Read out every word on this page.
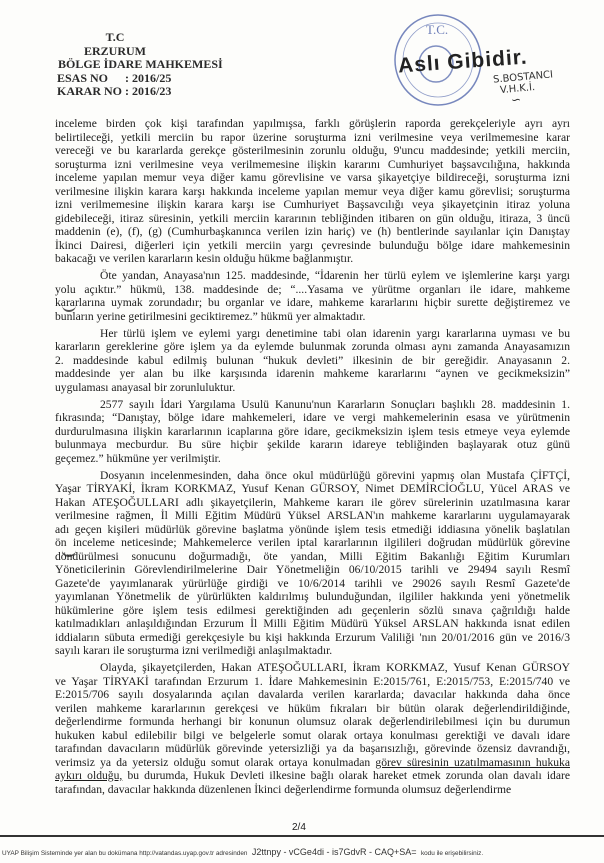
T.C
ERZURUM
BÖLGE İDARE MAHKEMESİ
ESAS NO : 2016/25
KARAR NO : 2016/23
T.C.
Aslı Gibidir.
S.BOSTANCI
V.H.K.İ.
∽
inceleme birden çok kişi tarafından yapılmışsa, farklı görüşlerin raporda gerekçeleriyle ayrı ayrı
belirtileceği, yetkili merciin bu rapor üzerine soruşturma izni verilmesine veya verilmemesine karar
vereceği ve bu kararlarda gerekçe gösterilmesinin zorunlu olduğu, 9'uncu maddesinde; yetkili merciin,
soruşturma izni verilmesine veya verilmemesine ilişkin kararını Cumhuriyet başsavcılığına, hakkında
inceleme yapılan memur veya diğer kamu görevlisine ve varsa şikayetçiye bildireceği, soruşturma izni
verilmesine ilişkin karara karşı hakkında inceleme yapılan memur veya diğer kamu görevlisi; soruşturma
izni verilmemesine ilişkin karara karşı ise Cumhuriyet Başsavcılığı veya şikayetçinin itiraz yoluna
gidebileceği, itiraz süresinin, yetkili merciin kararının tebliğinden itibaren on gün olduğu, itiraza, 3 üncü
maddenin (e), (f), (g) (Cumhurbaşkanınca verilen izin hariç) ve (h) bentlerinde sayılanlar için Danıştay
İkinci Dairesi, diğerleri için yetkili merciin yargı çevresinde bulunduğu bölge idare mahkemesinin
bakacağı ve verilen kararların kesin olduğu hükme bağlanmıştır.
Öte yandan, Anayasa'nın 125. maddesinde, “İdarenin her türlü eylem ve işlemlerine karşı yargı
yolu açıktır.” hükmü, 138. maddesinde de; “....Yasama ve yürütme organları ile idare, mahkeme
kararlarına uymak zorundadır; bu organlar ve idare, mahkeme kararlarını hiçbir surette değiştiremez ve
bunların yerine getirilmesini geciktiremez.” hükmü yer almaktadır.
Her türlü işlem ve eylemi yargı denetimine tabi olan idarenin yargı kararlarına uyması ve bu
kararların gereklerine göre işlem ya da eylemde bulunmak zorunda olması aynı zamanda Anayasamızın
2. maddesinde kabul edilmiş bulunan “hukuk devleti” ilkesinin de bir gereğidir. Anayasanın 2.
maddesinde yer alan bu ilke karşısında idarenin mahkeme kararlarını “aynen ve gecikmeksizin”
uygulaması anayasal bir zorunluluktur.
2577 sayılı İdari Yargılama Usulü Kanunu'nun Kararların Sonuçları başlıklı 28. maddesinin 1.
fıkrasında; “Danıştay, bölge idare mahkemeleri, idare ve vergi mahkemelerinin esasa ve yürütmenin
durdurulmasına ilişkin kararlarının icaplarına göre idare, gecikmeksizin işlem tesis etmeye veya eylemde
bulunmaya mecburdur. Bu süre hiçbir şekilde kararın idareye tebliğinden başlayarak otuz günü
geçemez.” hükmüne yer verilmiştir.
Dosyanın incelenmesinden, daha önce okul müdürlüğü görevini yapmış olan Mustafa ÇİFTÇİ,
Yaşar TİRYAKİ, İkram KORKMAZ, Yusuf Kenan GÜRSOY, Nimet DEMİRCİOĞLU, Yücel ARAS ve
Hakan ATEŞOĞULLARI adlı şikayetçilerin, Mahkeme kararı ile görev sürelerinin uzatılmasına karar
verilmesine rağmen, İl Milli Eğitim Müdürü Yüksel ARSLAN'ın mahkeme kararlarını uygulamayarak
adı geçen kişileri müdürlük görevine başlatma yönünde işlem tesis etmediği iddiasına yönelik başlatılan
ön inceleme neticesinde; Mahkemelerce verilen iptal kararlarının ilgilileri doğrudan müdürlük görevine
döndürülmesi sonucunu doğurmadığı, öte yandan, Milli Eğitim Bakanlığı Eğitim Kurumları
Yöneticilerinin Görevlendirilmelerine Dair Yönetmeliğin 06/10/2015 tarihli ve 29494 sayılı Resmî
Gazete'de yayımlanarak yürürlüğe girdiği ve 10/6/2014 tarihli ve 29026 sayılı Resmî Gazete'de
yayımlanan Yönetmelik de yürürlükten kaldırılmış bulunduğundan, ilgililer hakkında yeni yönetmelik
hükümlerine göre işlem tesis edilmesi gerektiğinden adı geçenlerin sözlü sınava çağrıldığı halde
katılmadıkları anlaşıldığından Erzurum İl Milli Eğitim Müdürü Yüksel ARSLAN hakkında isnat edilen
iddiaların sübuta ermediği gerekçesiyle bu kişi hakkında Erzurum Valiliği 'nın 20/01/2016 gün ve 2016/3
sayılı kararı ile soruşturma izni verilmediği anlaşılmaktadır.
Olayda, şikayetçilerden, Hakan ATEŞOĞULLARI, İkram KORKMAZ, Yusuf Kenan GÜRSOY
ve Yaşar TİRYAKİ tarafından Erzurum 1. İdare Mahkemesinin E:2015/761, E:2015/753, E:2015/740 ve
E:2015/706 sayılı dosyalarında açılan davalarda verilen kararlarda; davacılar hakkında daha önce
verilen mahkeme kararlarının gerekçesi ve hüküm fıkraları bir bütün olarak değerlendirildiğinde,
değerlendirme formunda herhangi bir konunun olumsuz olarak değerlendirilebilmesi için bu durumun
hukuken kabul edilebilir bilgi ve belgelerle somut olarak ortaya konulması gerektiği ve davalı idare
tarafından davacıların müdürlük görevinde yetersizliği ya da başarısızlığı, görevinde özensiz davrandığı,
verimsiz ya da yetersiz olduğu somut olarak ortaya konulmadan görev süresinin uzatılmamasının hukuka
aykırı olduğu, bu durumda, Hukuk Devleti ilkesine bağlı olarak hareket etmek zorunda olan davalı idare
tarafından, davacılar hakkında düzenlenen İkinci değerlendirme formunda olumsuz değerlendirme
2/4
UYAP Bilişim Sisteminde yer alan bu dokümana http://vatandas.uyap.gov.tr adresinden J2ttnpy - vCGe4di - is7GdvR - CAQ+SA= kodu ile erişebilirsiniz.
